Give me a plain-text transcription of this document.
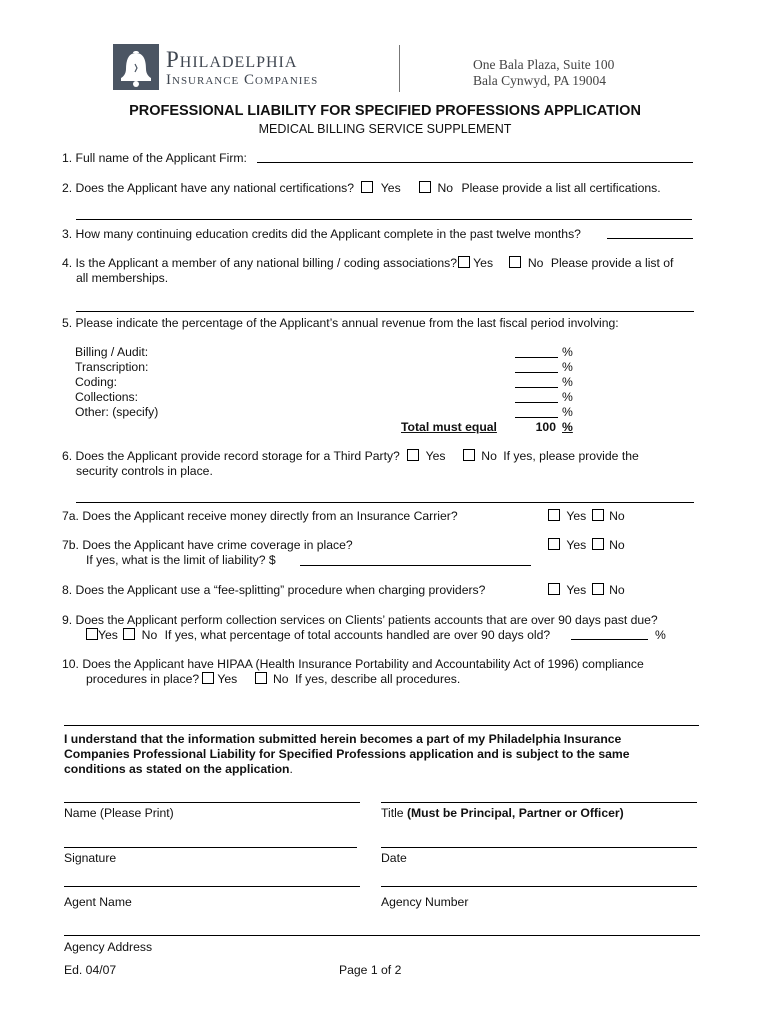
Philadelphia
Insurance Companies
One Bala Plaza, Suite 100
Bala Cynwyd, PA 19004
PROFESSIONAL LIABILITY FOR SPECIFIED PROFESSIONS APPLICATION
MEDICAL BILLING SERVICE SUPPLEMENT
1. Full name of the Applicant Firm:
2. Does the Applicant have any national certifications? Yes	No Please provide a list all certifications.
3. How many continuing education credits did the Applicant complete in the past twelve months?
4. Is the Applicant a member of any national billing / coding associations? Yes	No Please provide a list of
all memberships.
5. Please indicate the percentage of the Applicant’s annual revenue from the last fiscal period involving:
Billing / Audit:	%
Transcription:	%
Coding:	%
Collections:	%
Other: (specify)	%
Total must equal	100 %
6. Does the Applicant provide record storage for a Third Party? Yes	No If yes, please provide the
security controls in place.
7a. Does the Applicant receive money directly from an Insurance Carrier?	Yes No
7b. Does the Applicant have crime coverage in place?	Yes No
If yes, what is the limit of liability? $
8. Does the Applicant use a “fee-splitting” procedure when charging providers?	Yes No
9. Does the Applicant perform collection services on Clients’ patients accounts that are over 90 days past due?
Yes No If yes, what percentage of total accounts handled are over 90 days old?	%
10. Does the Applicant have HIPAA (Health Insurance Portability and Accountability Act of 1996) compliance
procedures in place? Yes	No If yes, describe all procedures.
I understand that the information submitted herein becomes a part of my Philadelphia Insurance
Companies Professional Liability for Specified Professions application and is subject to the same
conditions as stated on the application.
Name (Please Print)	Title (Must be Principal, Partner or Officer)
Signature	Date
Agent Name	Agency Number
Agency Address
Ed. 04/07	Page 1 of 2
